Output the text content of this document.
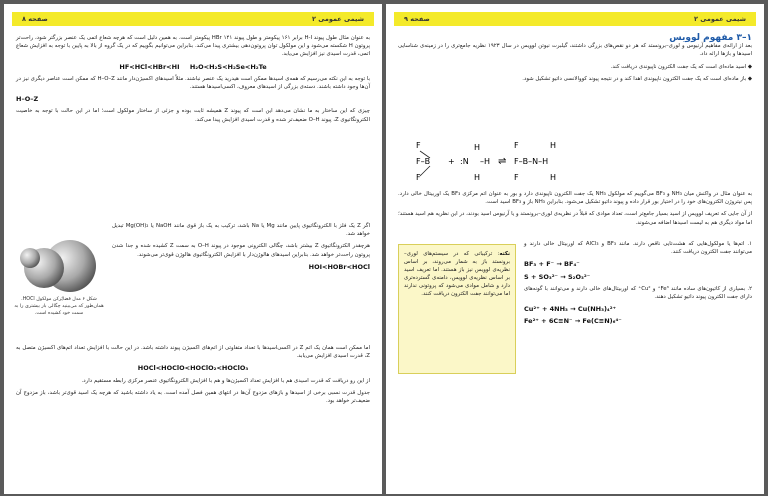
صفحه ۸	شیمی عمومی ۲

به عنوان مثال طول پیوند H-I برابر ۱۶۱ پیکومتر و طول پیوند HBr ۱۴۱ پیکومتر است. به همین دلیل است که هرچه شعاع اتمی یک عنصر بزرگتر شود، راحت‌تر پروتون H شکسته می‌شود و این مولکول توان پروتون‌دهی بیشتری پیدا می‌کند. بنابراین می‌توانیم بگوییم که در یک گروه از بالا به پایین با توجه به افزایش شعاع اتمی، قدرت اسیدی نیز افزایش می‌یابد.

HF<HCl<HBr<HI H₂O<H₂S<H₂Se<H₂Te

با توجه به این نکته می‌رسیم که همه‌ی اسیدها ممکن است هیدرید یک عنصر نباشند. مثلاً اسیدهای اکسیژن‌دار مانند H–O–Z که ممکن است عناصر دیگری نیز در آن‌ها وجود داشته باشند. دسته‌ی بزرگی از اسیدهای معروف، اکسی‌اسیدها هستند.

H–O–Z

چیزی که این ساختار به ما نشان می‌دهد این است که پیوند Z همیشه ثابت بوده و جزئی از ساختار مولکول است؛ اما در این حالت با توجه به خاصیت الکترونگاتیوی Z، پیوند O–H ضعیف‌تر شده و قدرت اسیدی افزایش پیدا می‌کند.

شکل ۶ مدل فضاپُرکن مولکول HOCl. همان‌طور که می‌بینید چگالی بار بیشتری را به سمت خود کشیده است.

اگر Z یک فلز با الکترونگاتیوی پایین مانند Mg یا Na باشد، ترکیب به یک باز قوی مانند NaOH یا Mg(OH)₂ تبدیل خواهد شد.

هرچقدر الکترونگاتیوی Z بیشتر باشد، چگالی الکترونی موجود در پیوند O–H به سمت Z کشیده شده و جدا شدن پروتون راحت‌تر خواهد شد. بنابراین اسیدهای هالوژن‌دار با افزایش الکترونگاتیوی هالوژن قوی‌تر می‌شوند.

HOI<HOBr<HOCl

اما ممکن است همان یک اتم Z در اکسی‌اسیدها با تعداد متفاوتی از اتم‌های اکسیژن پیوند داشته باشد. در این حالت با افزایش تعداد اتم‌های اکسیژن متصل به Z، قدرت اسیدی افزایش می‌یابد.

HOCl<HOClO<HOClO₂<HOClO₃

از این رو دریافت که قدرت اسیدی هم با افزایش تعداد اکسیژن‌ها و هم با افزایش الکترونگاتیوی عنصر مرکزی رابطه مستقیم دارد.

جدول قدرت نسبی برخی از اسیدها و بازهای مزدوج آن‌ها در انتهای همین فصل آمده است. به یاد داشته باشید که هرچه یک اسید قوی‌تر باشد، باز مزدوج آن ضعیف‌تر خواهد بود.

صفحه ۹	شیمی عمومی ۲
۱–۳ مفهوم لوویس

بعد از ارائه‌ی مفاهیم آرنیوس و لوری–برونستد که هر دو نقص‌های بزرگی داشتند، گیلبرت نیوتن لوویس در سال ۱۹۲۳ نظریه جامع‌تری را در زمینه‌ی شناسایی اسیدها و بازها ارائه داد.

◆ اسید ماده‌ای است که یک جفت الکترون ناپیوندی دریافت کند.

◆ باز ماده‌ای است که یک جفت الکترون ناپیوندی اهدا کند و در نتیجه پیوند کووالانسی داتیو تشکیل شود.

F
F–B
F
+ :N
H
H
–H ⇌
F
F–B–N–H
F
H
H

به عنوان مثال در واکنش میان NH₃ و BF₃ می‌گوییم که مولکول NH₃ یک جفت الکترون ناپیوندی دارد و بور به عنوان اتم مرکزی BF₃ یک اوربیتال خالی دارد. پس نیتروژن الکترون‌های خود را در اختیار بور قرار داده و پیوند داتیو تشکیل می‌شود. بنابراین NH₃ باز و BF₃ اسید است.

از آن جایی که تعریف لوویس از اسید بسیار جامع‌تر است، تعداد موادی که قبلاً در نظریه‌ی لوری–برونستد و یا آرنیوس اسید بودند، در این نظریه هم اسید هستند؛ اما مواد دیگری هم به لیست اسیدها اضافه می‌شوند.

۱. اتم‌ها یا مولکول‌هایی که هشت‌تایی ناقص دارند. مانند BF₃ و AlCl₃ که اوربیتال خالی دارند و می‌توانند جفت الکترون دریافت کنند.

BF₃ + F⁻ → BF₄⁻
S + SO₃²⁻ → S₂O₃²⁻

۲. بسیاری از کاتیون‌های ساده مانند Fe³⁺ و Cu²⁺ که اوربیتال‌های خالی دارند و می‌توانند با گونه‌های دارای جفت الکترون پیوند داتیو تشکیل دهند.

Cu²⁺ + 4NH₃ → Cu(NH₃)₄²⁺
Fe²⁺ + 6C≡N⁻ → Fe(C≡N)₆⁴⁻
نکته: ترکیباتی که در سیستم‌های لوری–برونستد باز به شمار می‌روند، بر اساس نظریه‌ی لوویس نیز باز هستند. اما تعریف اسید بر اساس نظریه‌ی لوویس، دامنه‌ی گسترده‌تری دارد و شامل موادی می‌شود که پروتونی ندارند اما می‌توانند جفت الکترون دریافت کنند.
